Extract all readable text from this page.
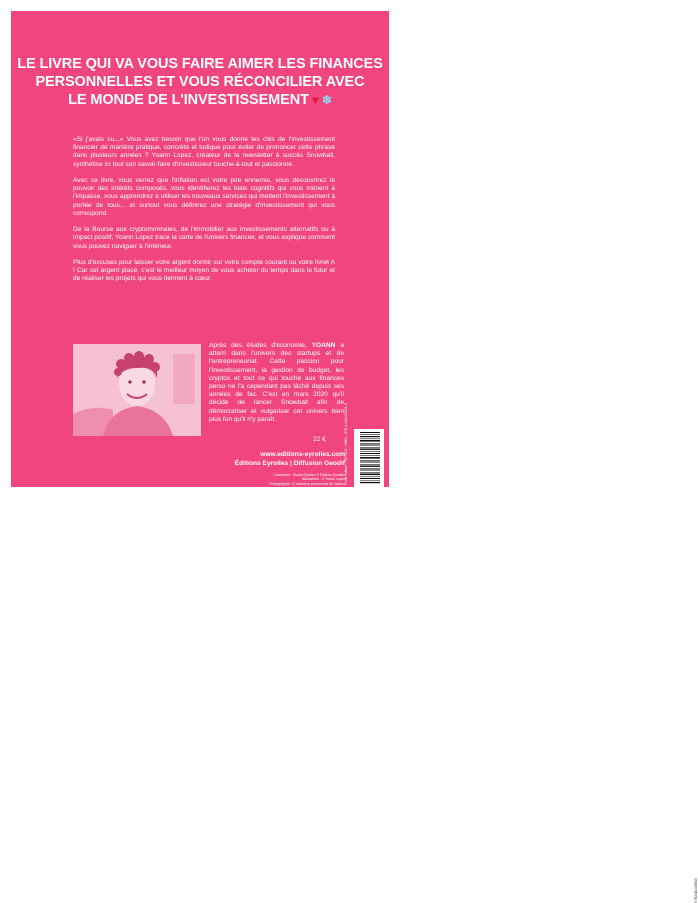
LE LIVRE QUI VA VOUS FAIRE AIMER LES FINANCES
PERSONNELLES ET VOUS RÉCONCILIER AVEC
LE MONDE DE L'INVESTISSEMENT ♥ ❄

«Si j'avais su...» Vous avez besoin que l'on vous donne les clés de l'investissement financier de manière pratique, concrète et ludique pour éviter de prononcer cette phrase dans plusieurs années ? Yoann Lopez, créateur de la newsletter à succès Snowball, synthétise ici tout son savoir-faire d'investisseur touche-à-tout et passionné.

Avec ce livre, vous verrez que l'inflation est votre pire ennemie, vous découvrirez le pouvoir des intérêts composés, vous identifierez les biais cognitifs qui vous mènent à l'impasse, vous apprendrez à utiliser les nouveaux services qui mettent l'investissement à portée de tous... et surtout vous définirez une stratégie d'investissement qui vous correspond.

De la Bourse aux cryptomonnaies, de l'immobilier aux investissements alternatifs ou à impact positif, Yoann Lopez trace la carte de l'univers financier, et vous explique comment vous pouvez naviguer à l'intérieur.

Plus d'excuses pour laisser votre argent dormir sur votre compte courant ou votre livret A ! Car cet argent placé, c'est le meilleur moyen de vous acheter du temps dans le futur et de réaliser les projets qui vous tiennent à cœur.

Après des études d'économie, YOANN a atterri dans l'univers des startups et de l'entrepreneuriat. Cette passion pour l'investissement, la gestion de budget, les cryptos et tout ce qui touche aux finances perso ne l'a cependant pas lâché depuis ses années de fac. C'est en mars 2020 qu'il décide de lancer Snowball afin de démocratiser et vulgariser cet univers bien plus fun qu'il n'y paraît.
22 €
www.editions-eyrolles.com
Éditions Eyrolles | Diffusion Geodif
Couverture : Studio Eyrolles © Éditions Eyrolles
Illustrations : © Yoann Lopez
Photographie : © collection personnelle de l'auteur Code éditeur : G57222 · ISBN : 978-2-416-00531-9
9 782416 005319
